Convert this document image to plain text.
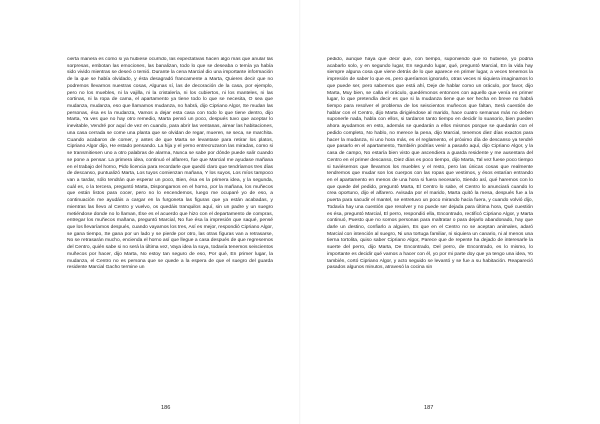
cierta manera es como si ya hubiese ocurrido, las expectativas hacen algo más que anular las sorpresas, embotan las emociones, las banalizan, todo lo que se deseaba o temía ya había sido vivido mientras se deseó o temió. Durante la cena Marcial dio una importante información de la que se había olvidado, y ésta desagradó francamente a Marta, Quieres decir que no podremos llevarnos nuestras cosas, Algunas sí, las de decoración de la casa, por ejemplo, pero no los muebles, ni la vajilla, ni la cristalería, ni los cubiertos, ni los manteles, ni las cortinas, ni la ropa de cama, el apartamento ya tiene todo lo que se necesita, O sea que mudanza, mudanza, eso que llamamos mudanza, no habrá, dijo Cipriano Algor, Se mudan las personas, ésa es la mudanza, Vamos a dejar esta casa con todo lo que tiene dentro, dijo Marta, Ya ves que no hay otro remedio, Marta pensó un poco, después tuvo que aceptar lo inevitable, Vendré por aquí de vez en cuando, para abrir las ventanas, airear las habitaciones, una casa cerrada se come una planta que se olvidan de regar, mueren, se seca, se marchita. Cuando acabaron de comer, y antes de que Marta se levantase para retirar los platos, Cipriano Algor dijo, He estado pensando. La hija y el yerno entrecruzaron las miradas, como si se transmitiesen uno a otro palabras de alarma, Nunca se sabe por dónde puede salir cuando se pone a pensar. La primera idea, continuó el alfarero, fue que Marcial me ayudase mañana en el trabajo del horno, Pido licencia para recordarle que quedó claro que tendríamos tres días de descanso, puntualizó Marta, Los tuyos comienzan mañana, Y los suyos, Los míos tampoco van a tardar, sólo tendrán que esperar un poco, Bien, ésa es la primera idea, y la segunda, cuál es, o la tercera, preguntó Marta, Dispongamos en el horno, por la mañana, los muñecos que están listos para cocer, pero no lo encendemos, luego me ocuparé yo de eso, a continuación me ayudáis a cargar en la furgoneta las figuras que ya están acabadas, y mientras las llevo al Centro y vuelvo, os quedáis tranquilos aquí, sin un padre y un suegro metiéndose donde no lo llaman, Ése es el acuerdo que hizo con el departamento de compras, entregar los muñecos mañana, preguntó Marcial, No fue ésa la impresión que saqué, pensé que los llevaríamos después, cuando vayamos los tres, Así es mejor, respondió Cipriano Algor, se gana tiempo, Se gana por un lado y se pierde por otro, las otras figuras van a retrasarse, No se retrasarán mucho, encienda el horno así que llegue a casa después de que regresemos del Centro, quién sabe si no será la última vez, Vaya idea la suya, todavía tenemos seiscientos muñecos por hacer, dijo Marta, No estoy tan seguro de eso, Por qué, En primer lugar, la mudanza, el Centro no es persona que se quede a la espera de que el suegro del guarda residente Marcial Gacho termine un

186

pedido, aunque haya que decir que, con tiempo, suponiendo que lo hubiese, yo podría acabarlo solo, y en segundo lugar, En segundo lugar, qué, preguntó Marcial, En la vida hay siempre alguna cosa que viene detrás de lo que aparece en primer lugar, a veces tenemos la impresión de saber lo que es, pero queríamos ignorarlo, otras veces ni siquiera imaginamos lo que puede ser, pero sabemos que está ahí, Deje de hablar como un oráculo, por favor, dijo Marta, Muy bien, se calla el oráculo, quedémonos entonces con aquello que venía en primer lugar, lo que pretendía decir es que si la mudanza tiene que ser hecha en breve no habrá tiempo para resolver el problema de los seiscientos muñecos que faltan, Será cuestión de hablar con el Centro, dijo Marta dirigiéndose al marido, hace cuatro semanas más no deben suponerle nada, habla con ellos, si tardaron tanto tiempo en decidir lo suasorio, bien pueden ahora ayudarnos en esto, además se quedarán a ellos mismos porque se quedarán con el pedido completo, No hablo, no merece la pena, dijo Marcial, tenemos diez días exactos para hacer la mudanza, ni uno hora más, es el reglamento, el próximo día de descanso ya tendré que pasarlo en el apartamento, También podrías venir a pasarlo aquí, dijo Cipriano Algor, y la casa de campo, No estaría bien visto que ascendiera a guarda residente y me ausentara del Centro en el primer descanso, Diez días es poco tiempo, dijo Marta, Tal vez fuese poco tiempo si tuviésemos que llevarnos los muebles y el resto, pero las únicas cosas que realmente tendremos que mudar son los cuerpos con las ropas que vestimos, y ésos estarían entrando en el apartamento en menos de una hora si fuera necesario, Siendo así, qué haremos con lo que quede del pedido, preguntó Marta, El Centro lo sabe, el Centro lo anunciará cuando lo crea oportuno, dijo el alfarero. Avisada por el marido, Marta quitó la mesa, después fue a la puerta para sacudir el mantel, se entretuvo un poco mirando hacia fuera, y cuando volvió dijo, Todavía hay una cuestión que resolver y no puede ser dejada para última hora, Qué cuestión es ésa, preguntó Marcial, El perro, respondió ella, Encontrado, rectificó Cipriano Algor, y Marta continuó, Puesto que no somos personas para maltratar o para dejarlo abandonado, hay que darle un destino, confiarlo a alguien, Es que en el Centro no se aceptan animales, adaró Marcial con intención al suegro, Ni una tortuga familiar, ni siquiera un canario, ni al menos una tierna tortolita, quiso saber Cipriano Algor, Parece que de repente ha dejado de interesarle la suerte del perro, dijo Marta, De Encontrado, Del perro, de Encontrado, es lo mismo, lo importante es decidir qué vamos a hacer con él, yo por mi parte doy que ya tengo una idea, Yo también, cortó Cipriano Algor, y acto seguido se levantó y se fue a su habitación. Reapareció pasados algunos minutos, atravesó la cocina sin

187
